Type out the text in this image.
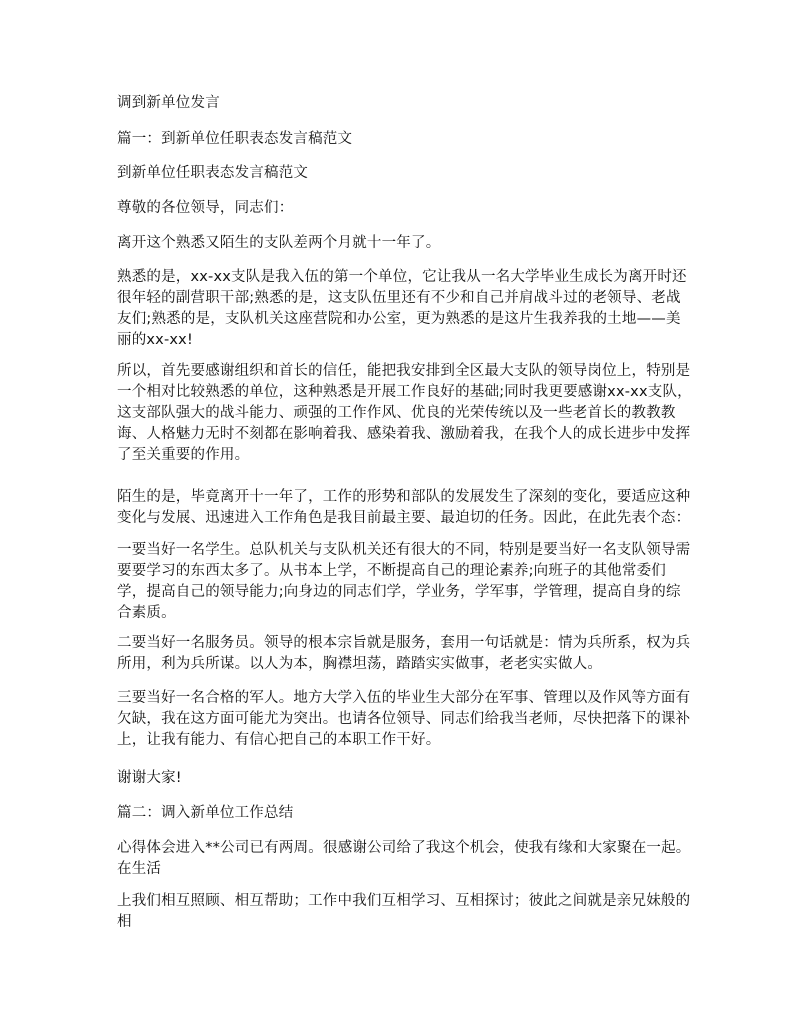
调到新单位发言

篇一：到新单位任职表态发言稿范文

到新单位任职表态发言稿范文

尊敬的各位领导，同志们：

离开这个熟悉又陌生的支队差两个月就十一年了。

熟悉的是，xx-xx支队是我入伍的第一个单位，它让我从一名大学毕业生成长为离开时还很年轻的副营职干部;熟悉的是，这支队伍里还有不少和自己并肩战斗过的老领导、老战友们;熟悉的是，支队机关这座营院和办公室，更为熟悉的是这片生我养我的土地——美丽的xx-xx!

所以，首先要感谢组织和首长的信任，能把我安排到全区最大支队的领导岗位上，特别是一个相对比较熟悉的单位，这种熟悉是开展工作良好的基础;同时我更要感谢xx-xx支队，这支部队强大的战斗能力、顽强的工作作风、优良的光荣传统以及一些老首长的教教教诲、人格魅力无时不刻都在影响着我、感染着我、激励着我，在我个人的成长进步中发挥了至关重要的作用。

陌生的是，毕竟离开十一年了，工作的形势和部队的发展发生了深刻的变化，要适应这种变化与发展、迅速进入工作角色是我目前最主要、最迫切的任务。因此，在此先表个态：

一要当好一名学生。总队机关与支队机关还有很大的不同，特别是要当好一名支队领导需要要学习的东西太多了。从书本上学，不断提高自己的理论素养;向班子的其他常委们学，提高自己的领导能力;向身边的同志们学，学业务，学军事，学管理，提高自身的综合素质。

二要当好一名服务员。领导的根本宗旨就是服务，套用一句话就是：情为兵所系，权为兵所用，利为兵所谋。以人为本，胸襟坦荡，踏踏实实做事，老老实实做人。

三要当好一名合格的军人。地方大学入伍的毕业生大部分在军事、管理以及作风等方面有欠缺，我在这方面可能尤为突出。也请各位领导、同志们给我当老师，尽快把落下的课补上，让我有能力、有信心把自己的本职工作干好。

谢谢大家!

篇二：调入新单位工作总结

心得体会进入**公司已有两周。很感谢公司给了我这个机会，使我有缘和大家聚在一起。在生活

上我们相互照顾、相互帮助；工作中我们互相学习、互相探讨；彼此之间就是亲兄妹般的相
